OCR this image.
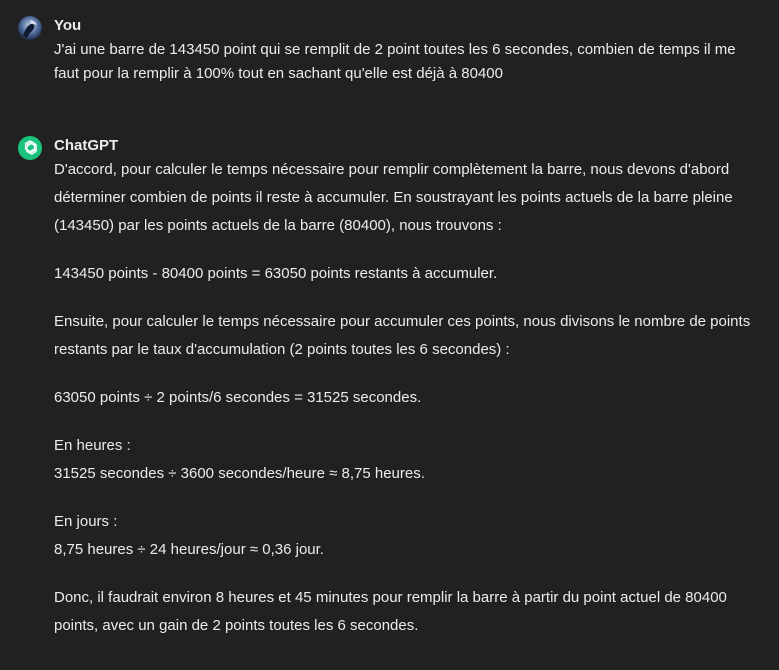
You

J'ai une barre de 143450 point qui se remplit de 2 point toutes les 6 secondes, combien de temps il me faut pour la remplir à 100% tout en sachant qu'elle est déjà à 80400

ChatGPT

D'accord, pour calculer le temps nécessaire pour remplir complètement la barre, nous devons d'abord déterminer combien de points il reste à accumuler. En soustrayant les points actuels de la barre pleine (143450) par les points actuels de la barre (80400), nous trouvons :

143450 points - 80400 points = 63050 points restants à accumuler.

Ensuite, pour calculer le temps nécessaire pour accumuler ces points, nous divisons le nombre de points restants par le taux d'accumulation (2 points toutes les 6 secondes) :

63050 points ÷ 2 points/6 secondes = 31525 secondes.

En heures :
31525 secondes ÷ 3600 secondes/heure ≈ 8,75 heures.

En jours :
8,75 heures ÷ 24 heures/jour ≈ 0,36 jour.

Donc, il faudrait environ 8 heures et 45 minutes pour remplir la barre à partir du point actuel de 80400 points, avec un gain de 2 points toutes les 6 secondes.
